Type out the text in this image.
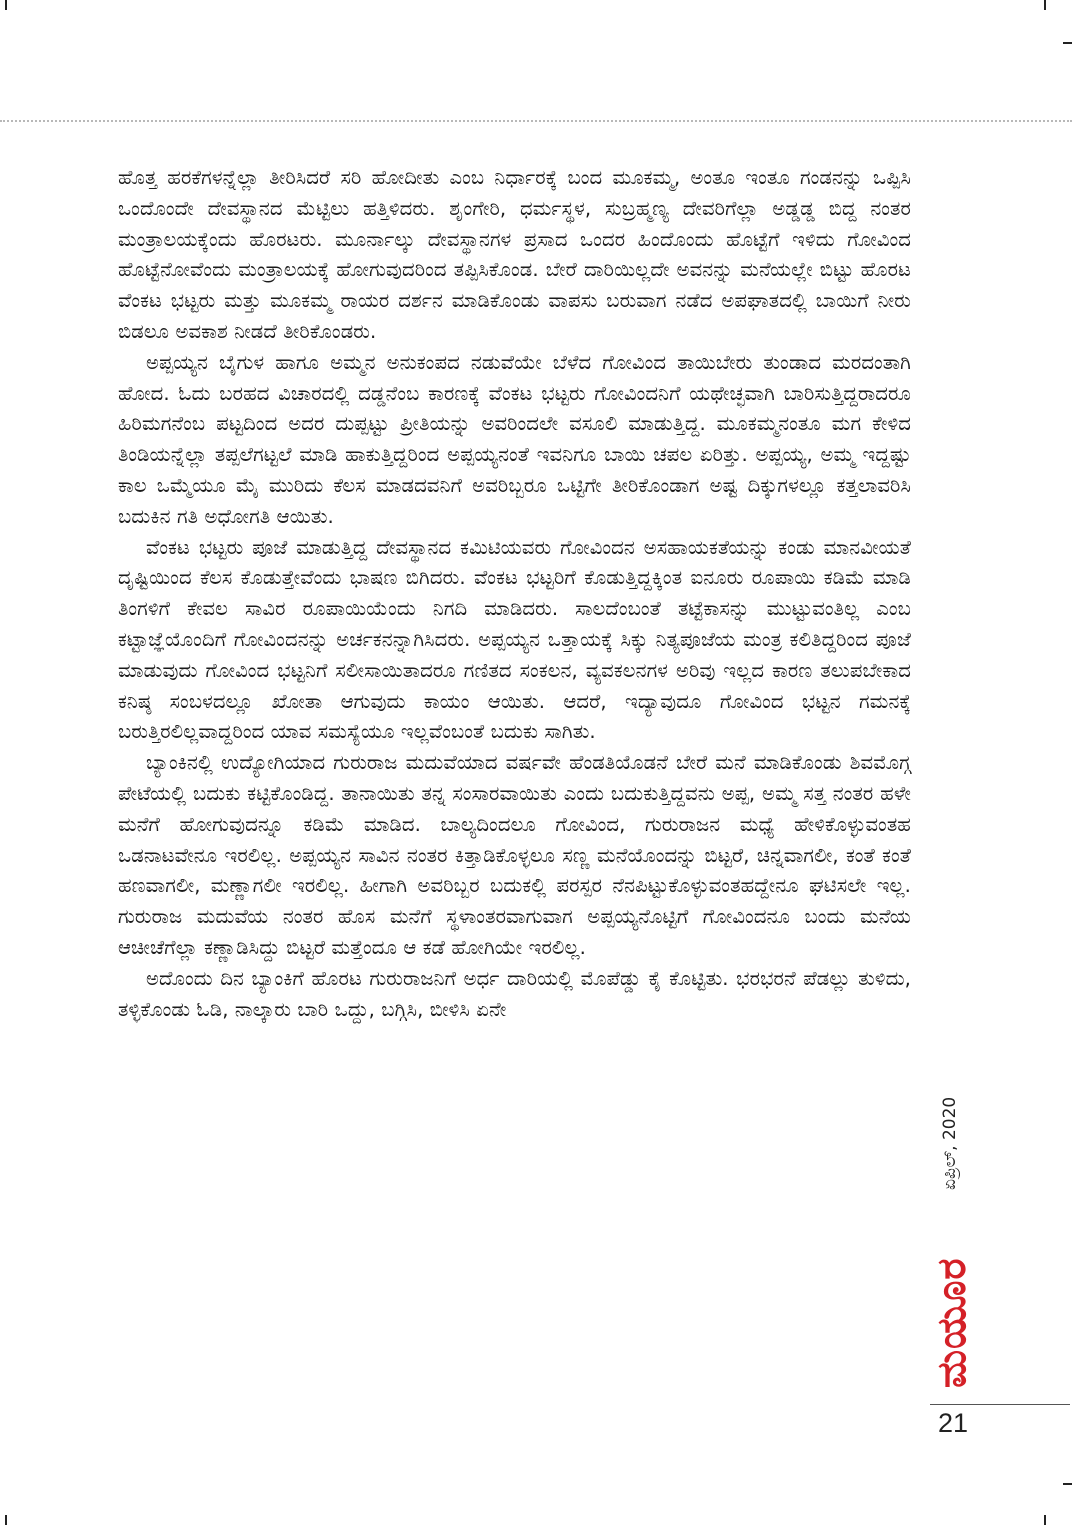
ಹೊತ್ತ ಹರಕೆಗಳನ್ನೆಲ್ಲಾ ತೀರಿಸಿದರೆ ಸರಿ ಹೋದೀತು ಎಂಬ ನಿರ್ಧಾರಕ್ಕೆ ಬಂದ ಮೂಕಮ್ಮ, ಅಂತೂ ಇಂತೂ ಗಂಡನನ್ನು ಒಪ್ಪಿಸಿ ಒಂದೊಂದೇ ದೇವಸ್ಥಾನದ ಮೆಟ್ಟಿಲು ಹತ್ತಿಳಿದರು. ಶೃಂಗೇರಿ, ಧರ್ಮಸ್ಥಳ, ಸುಬ್ರಹ್ಮಣ್ಯ ದೇವರಿಗೆಲ್ಲಾ ಅಡ್ಡಡ್ಡ ಬಿದ್ದ ನಂತರ ಮಂತ್ರಾಲಯಕ್ಕೆಂದು ಹೊರಟರು. ಮೂರ್ನಾಲ್ಕು ದೇವಸ್ಥಾನಗಳ ಪ್ರಸಾದ ಒಂದರ ಹಿಂದೊಂದು ಹೊಟ್ಟೆಗೆ ಇಳಿದು ಗೋವಿಂದ ಹೊಟ್ಟೆನೋವೆಂದು ಮಂತ್ರಾಲಯಕ್ಕೆ ಹೋಗುವುದರಿಂದ ತಪ್ಪಿಸಿಕೊಂಡ. ಬೇರೆ ದಾರಿಯಿಲ್ಲದೇ ಅವನನ್ನು ಮನೆಯಲ್ಲೇ ಬಿಟ್ಟು ಹೊರಟ ವೆಂಕಟ ಭಟ್ಟರು ಮತ್ತು ಮೂಕಮ್ಮ ರಾಯರ ದರ್ಶನ ಮಾಡಿಕೊಂಡು ವಾಪಸು ಬರುವಾಗ ನಡೆದ ಅಪಘಾತದಲ್ಲಿ ಬಾಯಿಗೆ ನೀರು ಬಿಡಲೂ ಅವಕಾಶ ನೀಡದೆ ತೀರಿಕೊಂಡರು.

ಅಪ್ಪಯ್ಯನ ಬೈಗುಳ ಹಾಗೂ ಅಮ್ಮನ ಅನುಕಂಪದ ನಡುವೆಯೇ ಬೆಳೆದ ಗೋವಿಂದ ತಾಯಿಬೇರು ತುಂಡಾದ ಮರದಂತಾಗಿ ಹೋದ. ಓದು ಬರಹದ ವಿಚಾರದಲ್ಲಿ ದಡ್ಡನೆಂಬ ಕಾರಣಕ್ಕೆ ವೆಂಕಟ ಭಟ್ಟರು ಗೋವಿಂದನಿಗೆ ಯಥೇಚ್ಛವಾಗಿ ಬಾರಿಸುತ್ತಿದ್ದರಾದರೂ ಹಿರಿಮಗನೆಂಬ ಪಟ್ಟದಿಂದ ಅದರ ದುಪ್ಪಟ್ಟು ಪ್ರೀತಿಯನ್ನು ಅವರಿಂದಲೇ ವಸೂಲಿ ಮಾಡುತ್ತಿದ್ದ. ಮೂಕಮ್ಮನಂತೂ ಮಗ ಕೇಳಿದ ತಿಂಡಿಯನ್ನೆಲ್ಲಾ ತಪ್ಪಲೆಗಟ್ಟಲೆ ಮಾಡಿ ಹಾಕುತ್ತಿದ್ದರಿಂದ ಅಪ್ಪಯ್ಯನಂತೆ ಇವನಿಗೂ ಬಾಯಿ ಚಪಲ ಏರಿತ್ತು. ಅಪ್ಪಯ್ಯ, ಅಮ್ಮ ಇದ್ದಷ್ಟು ಕಾಲ ಒಮ್ಮೆಯೂ ಮೈ ಮುರಿದು ಕೆಲಸ ಮಾಡದವನಿಗೆ ಅವರಿಬ್ಬರೂ ಒಟ್ಟಿಗೇ ತೀರಿಕೊಂಡಾಗ ಅಷ್ಟ ದಿಕ್ಕುಗಳಲ್ಲೂ ಕತ್ತಲಾವರಿಸಿ ಬದುಕಿನ ಗತಿ ಅಧೋಗತಿ ಆಯಿತು.

ವೆಂಕಟ ಭಟ್ಟರು ಪೂಜೆ ಮಾಡುತ್ತಿದ್ದ ದೇವಸ್ಥಾನದ ಕಮಿಟಿಯವರು ಗೋವಿಂದನ ಅಸಹಾಯಕತೆಯನ್ನು ಕಂಡು ಮಾನವೀಯತೆ ದೃಷ್ಟಿಯಿಂದ ಕೆಲಸ ಕೊಡುತ್ತೇವೆಂದು ಭಾಷಣ ಬಿಗಿದರು. ವೆಂಕಟ ಭಟ್ಟರಿಗೆ ಕೊಡುತ್ತಿದ್ದಕ್ಕಿಂತ ಐನೂರು ರೂಪಾಯಿ ಕಡಿಮೆ ಮಾಡಿ ತಿಂಗಳಿಗೆ ಕೇವಲ ಸಾವಿರ ರೂಪಾಯಿಯೆಂದು ನಿಗದಿ ಮಾಡಿದರು. ಸಾಲದೆಂಬಂತೆ ತಟ್ಟೆಕಾಸನ್ನು ಮುಟ್ಟುವಂತಿಲ್ಲ ಎಂಬ ಕಟ್ಟಾಜ್ಞೆಯೊಂದಿಗೆ ಗೋವಿಂದನನ್ನು ಅರ್ಚಕನನ್ನಾಗಿಸಿದರು. ಅಪ್ಪಯ್ಯನ ಒತ್ತಾಯಕ್ಕೆ ಸಿಕ್ಕು ನಿತ್ಯಪೂಜೆಯ ಮಂತ್ರ ಕಲಿತಿದ್ದರಿಂದ ಪೂಜೆ ಮಾಡುವುದು ಗೋವಿಂದ ಭಟ್ಟನಿಗೆ ಸಲೀಸಾಯಿತಾದರೂ ಗಣಿತದ ಸಂಕಲನ, ವ್ಯವಕಲನಗಳ ಅರಿವು ಇಲ್ಲದ ಕಾರಣ ತಲುಪಬೇಕಾದ ಕನಿಷ್ಠ ಸಂಬಳದಲ್ಲೂ ಖೋತಾ ಆಗುವುದು ಕಾಯಂ ಆಯಿತು. ಆದರೆ, ಇದ್ಯಾವುದೂ ಗೋವಿಂದ ಭಟ್ಟನ ಗಮನಕ್ಕೆ ಬರುತ್ತಿರಲಿಲ್ಲವಾದ್ದರಿಂದ ಯಾವ ಸಮಸ್ಯೆಯೂ ಇಲ್ಲವೆಂಬಂತೆ ಬದುಕು ಸಾಗಿತು.

ಬ್ಯಾಂಕಿನಲ್ಲಿ ಉದ್ಯೋಗಿಯಾದ ಗುರುರಾಜ ಮದುವೆಯಾದ ವರ್ಷವೇ ಹೆಂಡತಿಯೊಡನೆ ಬೇರೆ ಮನೆ ಮಾಡಿಕೊಂಡು ಶಿವಮೊಗ್ಗ ಪೇಟೆಯಲ್ಲಿ ಬದುಕು ಕಟ್ಟಿಕೊಂಡಿದ್ದ. ತಾನಾಯಿತು ತನ್ನ ಸಂಸಾರವಾಯಿತು ಎಂದು ಬದುಕುತ್ತಿದ್ದವನು ಅಪ್ಪ, ಅಮ್ಮ ಸತ್ತ ನಂತರ ಹಳೇ ಮನೆಗೆ ಹೋಗುವುದನ್ನೂ ಕಡಿಮೆ ಮಾಡಿದ. ಬಾಲ್ಯದಿಂದಲೂ ಗೋವಿಂದ, ಗುರುರಾಜನ ಮಧ್ಯೆ ಹೇಳಿಕೊಳ್ಳುವಂತಹ ಒಡನಾಟವೇನೂ ಇರಲಿಲ್ಲ. ಅಪ್ಪಯ್ಯನ ಸಾವಿನ ನಂತರ ಕಿತ್ತಾಡಿಕೊಳ್ಳಲೂ ಸಣ್ಣ ಮನೆಯೊಂದನ್ನು ಬಿಟ್ಟರೆ, ಚಿನ್ನವಾಗಲೀ, ಕಂತೆ ಕಂತೆ ಹಣವಾಗಲೀ, ಮಣ್ಣಾಗಲೀ ಇರಲಿಲ್ಲ. ಹೀಗಾಗಿ ಅವರಿಬ್ಬರ ಬದುಕಲ್ಲಿ ಪರಸ್ಪರ ನೆನಪಿಟ್ಟುಕೊಳ್ಳುವಂತಹದ್ದೇನೂ ಘಟಿಸಲೇ ಇಲ್ಲ. ಗುರುರಾಜ ಮದುವೆಯ ನಂತರ ಹೊಸ ಮನೆಗೆ ಸ್ಥಳಾಂತರವಾಗುವಾಗ ಅಪ್ಪಯ್ಯನೊಟ್ಟಿಗೆ ಗೋವಿಂದನೂ ಬಂದು ಮನೆಯ ಆಚೀಚೆಗೆಲ್ಲಾ ಕಣ್ಣಾಡಿಸಿದ್ದು ಬಿಟ್ಟರೆ ಮತ್ತೆಂದೂ ಆ ಕಡೆ ಹೋಗಿಯೇ ಇರಲಿಲ್ಲ.

ಅದೊಂದು ದಿನ ಬ್ಯಾಂಕಿಗೆ ಹೊರಟ ಗುರುರಾಜನಿಗೆ ಅರ್ಧ ದಾರಿಯಲ್ಲಿ ಮೊಪೆಡ್ಡು ಕೈ ಕೊಟ್ಟಿತು. ಭರಭರನೆ ಪೆಡಲ್ಲು ತುಳಿದು, ತಳ್ಳಿಕೊಂಡು ಓಡಿ, ನಾಲ್ಕಾರು ಬಾರಿ ಒದ್ದು, ಬಗ್ಗಿಸಿ, ಬೀಳಿಸಿ ಏನೇ

ಏಪ್ರಿಲ್, 2020
ಮಯೂರ
21
